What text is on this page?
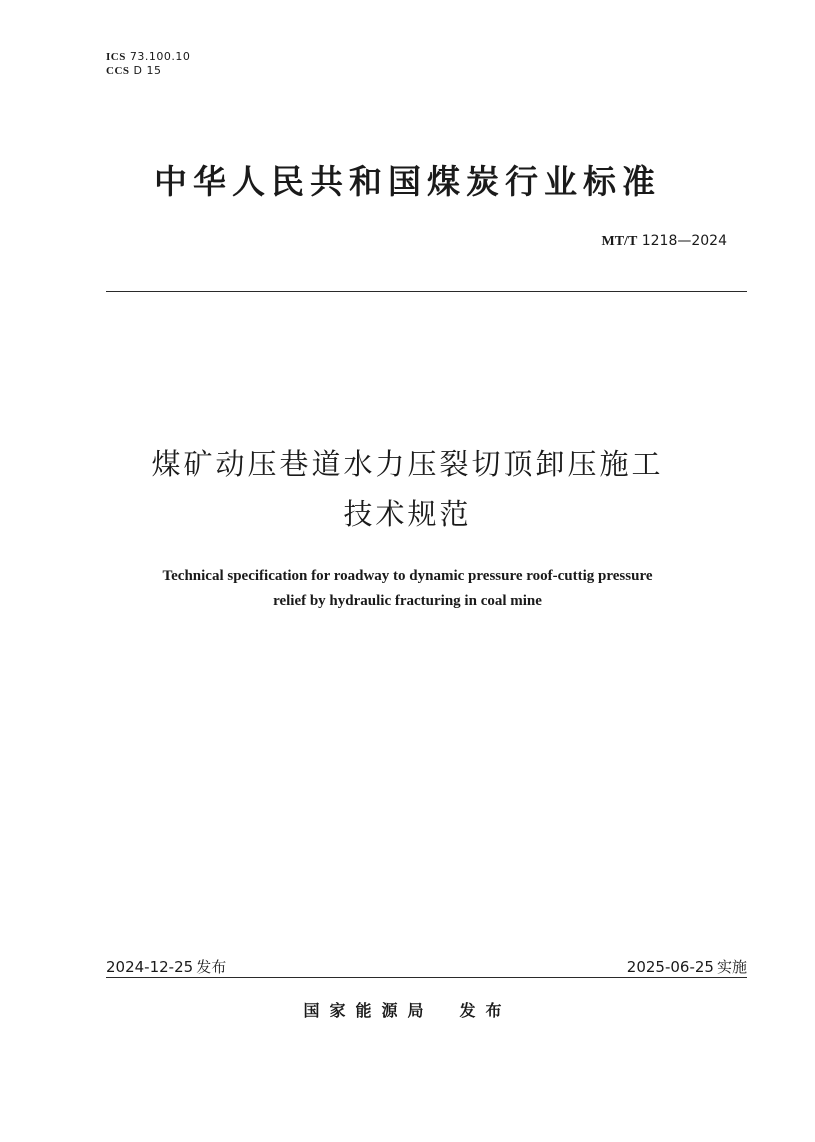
ICS 73.100.10
CCS D 15
中华人民共和国煤炭行业标准
MT/T 1218—2024
煤矿动压巷道水力压裂切顶卸压施工
技术规范
Technical specification for roadway to dynamic pressure roof-cuttig pressure
relief by hydraulic fracturing in coal mine
2024-12-25 发布	2025-06-25 实施
国家能源局 发布
